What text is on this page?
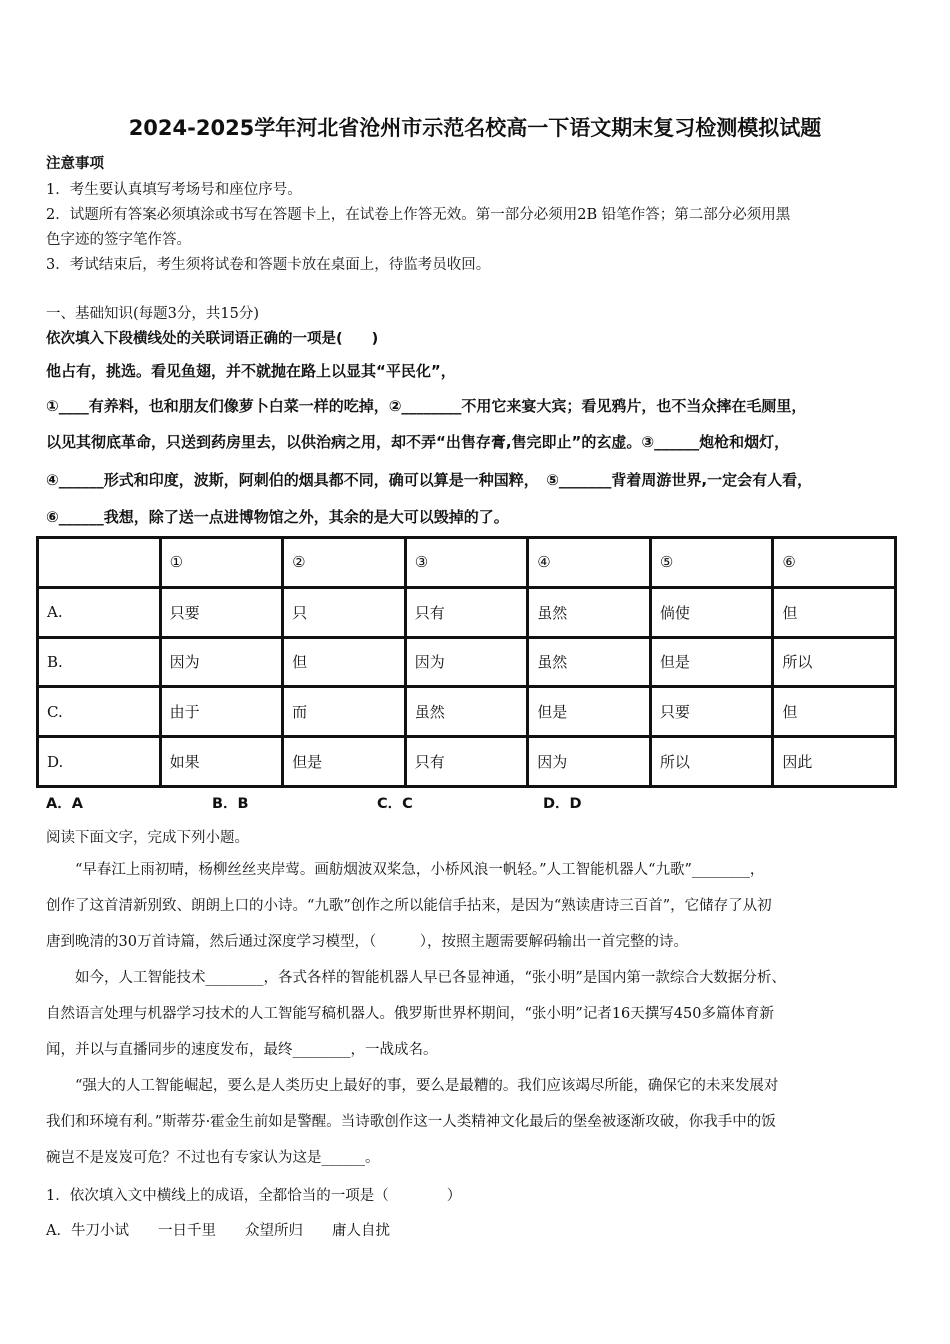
2024-2025学年河北省沧州市示范名校高一下语文期末复习检测模拟试题
注意事项
1．考生要认真填写考场号和座位序号。
2．试题所有答案必须填涂或书写在答题卡上，在试卷上作答无效。第一部分必须用2B 铅笔作答；第二部分必须用黑
色字迹的签字笔作答。
3．考试结束后，考生须将试卷和答题卡放在桌面上，待监考员收回。
一、基础知识(每题3分，共15分)
依次填入下段横线处的关联词语正确的一项是(　　)
他占有，挑选。看见鱼翅，并不就抛在路上以显其“平民化”，
①____有养料，也和朋友们像萝卜白菜一样的吃掉，②________不用它来宴大宾；看见鸦片，也不当众摔在毛厕里，
以见其彻底革命，只送到药房里去，以供治病之用，却不弄“出售存膏,售完即止”的玄虚。③______炮枪和烟灯，
④______形式和印度，波斯，阿刺伯的烟具都不同，确可以算是一种国粹，　⑤_______背着周游世界,一定会有人看，
⑥______我想，除了送一点进博物馆之外，其余的是大可以毁掉的了。
	①	②	③	④	⑤	⑥
A.	只要	只	只有	虽然	倘使	但
B.	因为	但	因为	虽然	但是	所以
C.	由于	而	虽然	但是	只要	但
D.	如果	但是	只有	因为	所以	因此
A．A	B．B	C．C	D．D
阅读下面文字，完成下列小题。

“早春江上雨初晴，杨柳丝丝夹岸莺。画舫烟波双桨急，小桥风浪一帆轻。”人工智能机器人“九歌”________，

创作了这首清新别致、朗朗上口的小诗。“九歌”创作之所以能信手拈来，是因为“熟读唐诗三百首”，它储存了从初

唐到晚清的30万首诗篇，然后通过深度学习模型，（　　　），按照主题需要解码输出一首完整的诗。

如今，人工智能技术________，各式各样的智能机器人早已各显神通，“张小明”是国内第一款综合大数据分析、

自然语言处理与机器学习技术的人工智能写稿机器人。俄罗斯世界杯期间，“张小明”记者16天撰写450多篇体育新

闻，并以与直播同步的速度发布，最终________，一战成名。

“强大的人工智能崛起，要么是人类历史上最好的事，要么是最糟的。我们应该竭尽所能，确保它的未来发展对

我们和环境有利。”斯蒂芬·霍金生前如是警醒。当诗歌创作这一人类精神文化最后的堡垒被逐渐攻破，你我手中的饭

碗岂不是岌岌可危？不过也有专家认为这是______。

1．依次填入文中横线上的成语，全都恰当的一项是（　　　　）
A．牛刀小试　　一日千里　　众望所归　　庸人自扰
